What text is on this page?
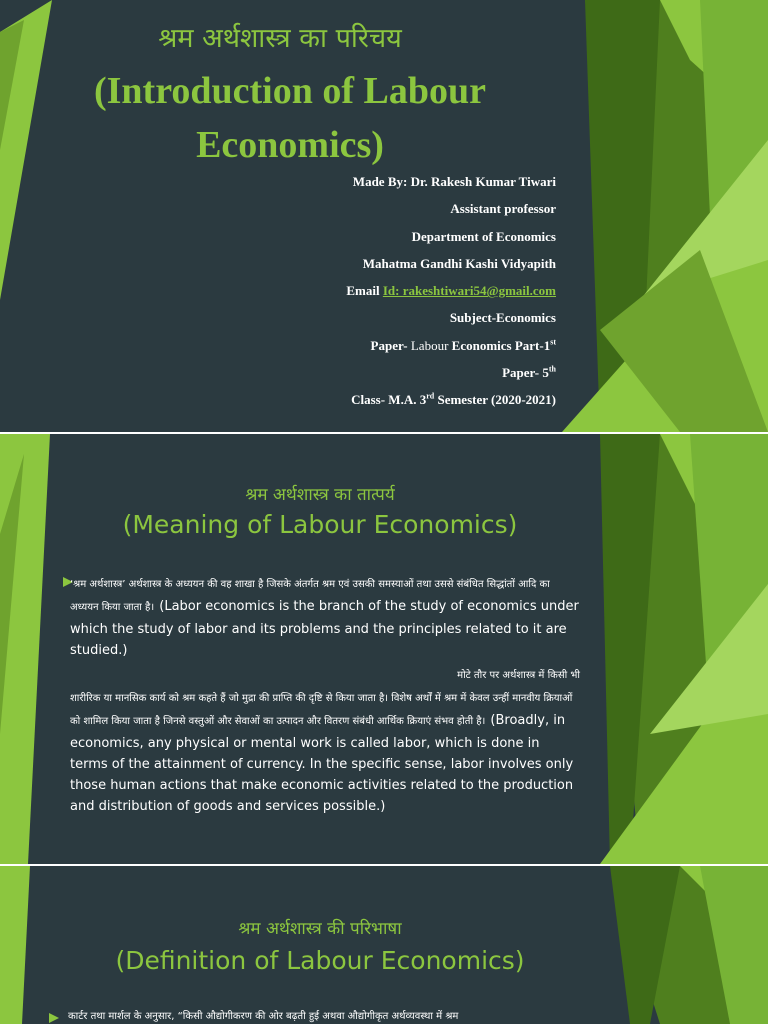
श्रम अर्थशास्त्र का परिचय
(Introduction of Labour Economics)
Made By: Dr. Rakesh Kumar Tiwari
Assistant professor
Department of Economics
Mahatma Gandhi Kashi Vidyapith
Email Id: rakeshtiwari54@gmail.com
Subject-Economics
Paper- Labour Economics Part-1st
Paper- 5th
Class- M.A. 3rd Semester (2020-2021)
श्रम अर्थशास्त्र का तात्पर्य
(Meaning of Labour Economics)

‘श्रम अर्थशास्त्र’ अर्थशास्त्र के अध्ययन की वह शाखा है जिसके अंतर्गत श्रम एवं उसकी समस्याओं तथा उससे संबंधित सिद्धांतों आदि का अध्ययन किया जाता है। (Labor economics is the branch of the study of economics under which the study of labor and its problems and the principles related to it are studied.)

मोटे तौर पर अर्थशास्त्र में किसी भी
शारीरिक या मानसिक कार्य को श्रम कहते हैं जो मुद्रा की प्राप्ति की दृष्टि से किया जाता है। विशेष अर्थों में श्रम में केवल उन्हीं मानवीय क्रियाओं को शामिल किया जाता है जिनसे वस्तुओं और सेवाओं का उत्पादन और वितरण संबंधी आर्थिक क्रियाएं संभव होती है। (Broadly, in economics, any physical or mental work is called labor, which is done in terms of the attainment of currency. In the specific sense, labor involves only those human actions that make economic activities related to the production and distribution of goods and services possible.)

श्रम अर्थशास्त्र की परिभाषा
(Definition of Labour Economics)
कार्टर तथा मार्शल के अनुसार, “किसी औद्योगीकरण की ओर बढ़ती हुई अथवा औद्योगीकृत अर्थव्यवस्था में श्रम
